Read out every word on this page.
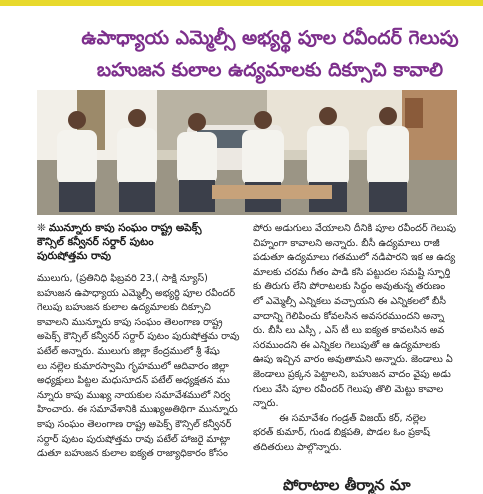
ఉపాధ్యాయ ఎమ్మెల్సీ అభ్యర్థి పూల రవీందర్ గెలుపు
బహుజన కులాల ఉద్యమాలకు దిక్సూచి కావాలి
❊ మున్నూరు కాపు సంఘం రాష్ట్ర అపెక్స్
కౌన్సిల్ కన్వీనర్ సర్దార్ పుటం
పురుషోత్తమ రావు
ములుగు, (ప్రతినిధి ఫిబ్రవరి 23,( సాక్షి న్యూస్)
బహుజన ఉపాధ్యాయ ఎమ్మెల్సీ అభ్యర్థి పూల రవీందర్
గెలుపు బహుజన కులాల ఉద్యమాలకు దిక్సూచి
కావాలని మున్నూరు కాపు సంఘం తెలంగాణ రాష్ట్ర
అపెక్స్ కౌన్సిల్ కన్వీనర్ సర్దార్ పుటం పురుషోత్తమ రావు
పటేల్ అన్నారు. ములుగు జిల్లా కేంద్రములో శ్రీ శేషు
లు నల్లెల కుమారస్వామి గృహములో ఆదివారం జిల్లా
అధ్యక్షులు పిట్టల మధుసూదన్ పటేల్ అధ్యక్షతన ము
న్నూరు కాపు ముఖ్య నాయకుల సమావేశములో నిర్వ
హించారు. ఈ సమావేశానికి ముఖ్యఅతిథిగా మున్నూరు
కాపు సంఘం తెలంగాణ రాష్ట్ర అపెక్స్ కౌన్సిల్ కన్వీనర్
సర్దార్ పుటం పురుషోత్తమ రావు పటేల్ హాజరై మాట్లా
డుతూ బహుజన కులాల ఐక్యత రాజ్యాధికారం కోసం
పోరు అడుగులు వేయాలని దీనికి పూల రవీందర్ గెలుపు
చిహ్నంగా కావాలని అన్నారు. బీసీ ఉద్యమాలు రాజీ
పడుతూ ఉద్యమాలు గతములో నడిపారని ఇక ఆ ఉద్య
మాలకు చరమ గీతం పాడి కసి పట్టుదల సమష్టి స్ఫూర్తి
కు తిరుగు లేని పోరాటలకు సిద్ధం అవుతున్న తరుణం
లో ఎమ్మెల్సీ ఎన్నికలు వచ్చాయని ఈ ఎన్నికలలో బీసీ
వాదాన్ని గెలిపించు కోవలసిన అవసరముందని అన్నా
రు. బీసీ లు ఎస్సీ , ఎస్ టీ లు ఐక్యత కావలసిన అవ
సరముందని ఈ ఎన్నికల గెలుపుతో ఆ ఉద్యమాలకు
ఊపు ఇచ్చిన వారం అవుతామని అన్నారు. జెండాలు ఏ
జెండాలు ప్రక్కన పెట్టాలని, బహుజన వాదం వైపు అడు
గులు వేసి పూల రవీందర్ గెలుపు తొలి మెట్టు కావాల
న్నారు.
ఈ సమావేశం గండ్రత్ విజయ్ కర్, నల్లెల
భరత్ కుమార్, గుండ బిక్షపతి, పొడల ఓం ప్రకాష్
తదితరులు పాల్గొన్నారు.
పోరాటాల తీర్మాన మా
